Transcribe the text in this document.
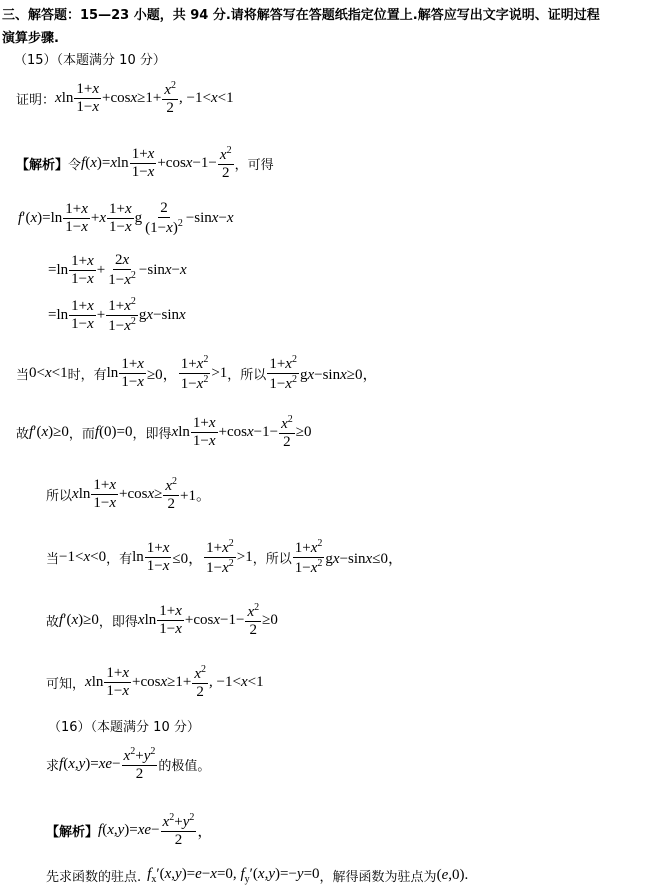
三、解答题：15—23 小题，共 94 分.请将解答写在答题纸指定位置上.解答应写出文字说明、证明过程
演算步骤.
（15）（本题满分 10 分）
证明： xln
1+x
1−x
$+\cos x\ge 1+ \frac{x^2}{2}$ , −1<x<1
【解析】 令 f(x)=xln
1+x
1−x
$+\cos x-1- \frac{x^2}{2}$ ，可得
f′(x)=ln
1+x
1−x
+x
1+x
1−x
g
2
$(1-x)^2 -\sin x-x$
=ln
1+x
1−x
+ $\frac{2x}{1-x^2} -\sin x-x$
=ln
1+x
1−x
+ $\frac{1+x^2}{1-x^2} gx-\sin x$
当 0<x<1 时，有 $\ln \frac{1+x}{1-x} \ge 0$，
$1+x^2$
$1-x^2 >1$ ，所以
$1+x^2$
$1-x^2$ gx−sinx≥0，
故 f′(x)≥0 ，而 f(0)=0 ，即得 xln
1+x
1−x
$+\cos x-1- \frac{x^2}{2} \ge 0$
所以 xln
1+x
1−x
$+\cos x\ge \frac{x^2}{2} +1$。
当 −1<x<0 ，有 $\ln \frac{1+x}{1-x} \le 0$，
$1+x^2$
$1-x^2 >1$ ，所以
$1+x^2$
$1-x^2$ gx−sinx≤0，
故 f′(x)≥0 ，即得 xln
1+x
1−x
$+\cos x-1- \frac{x^2}{2} \ge 0$
可知， xln
1+x
1−x
$+\cos x\ge 1+ \frac{x^2}{2}$ , −1<x<1
（16）（本题满分 10 分）
求 $f(x,y)=xe- \frac{x^2+y^2}{2}$ 的极值。
【解析】 $f(x,y)=xe- \frac{x^2+y^2}{2}$ ，
先求函数的驻点. $f_x'(x,y)=e-x=0$, $f_y'(x,y)=-y=0$ ，解得函数为驻点为 (e,0).
